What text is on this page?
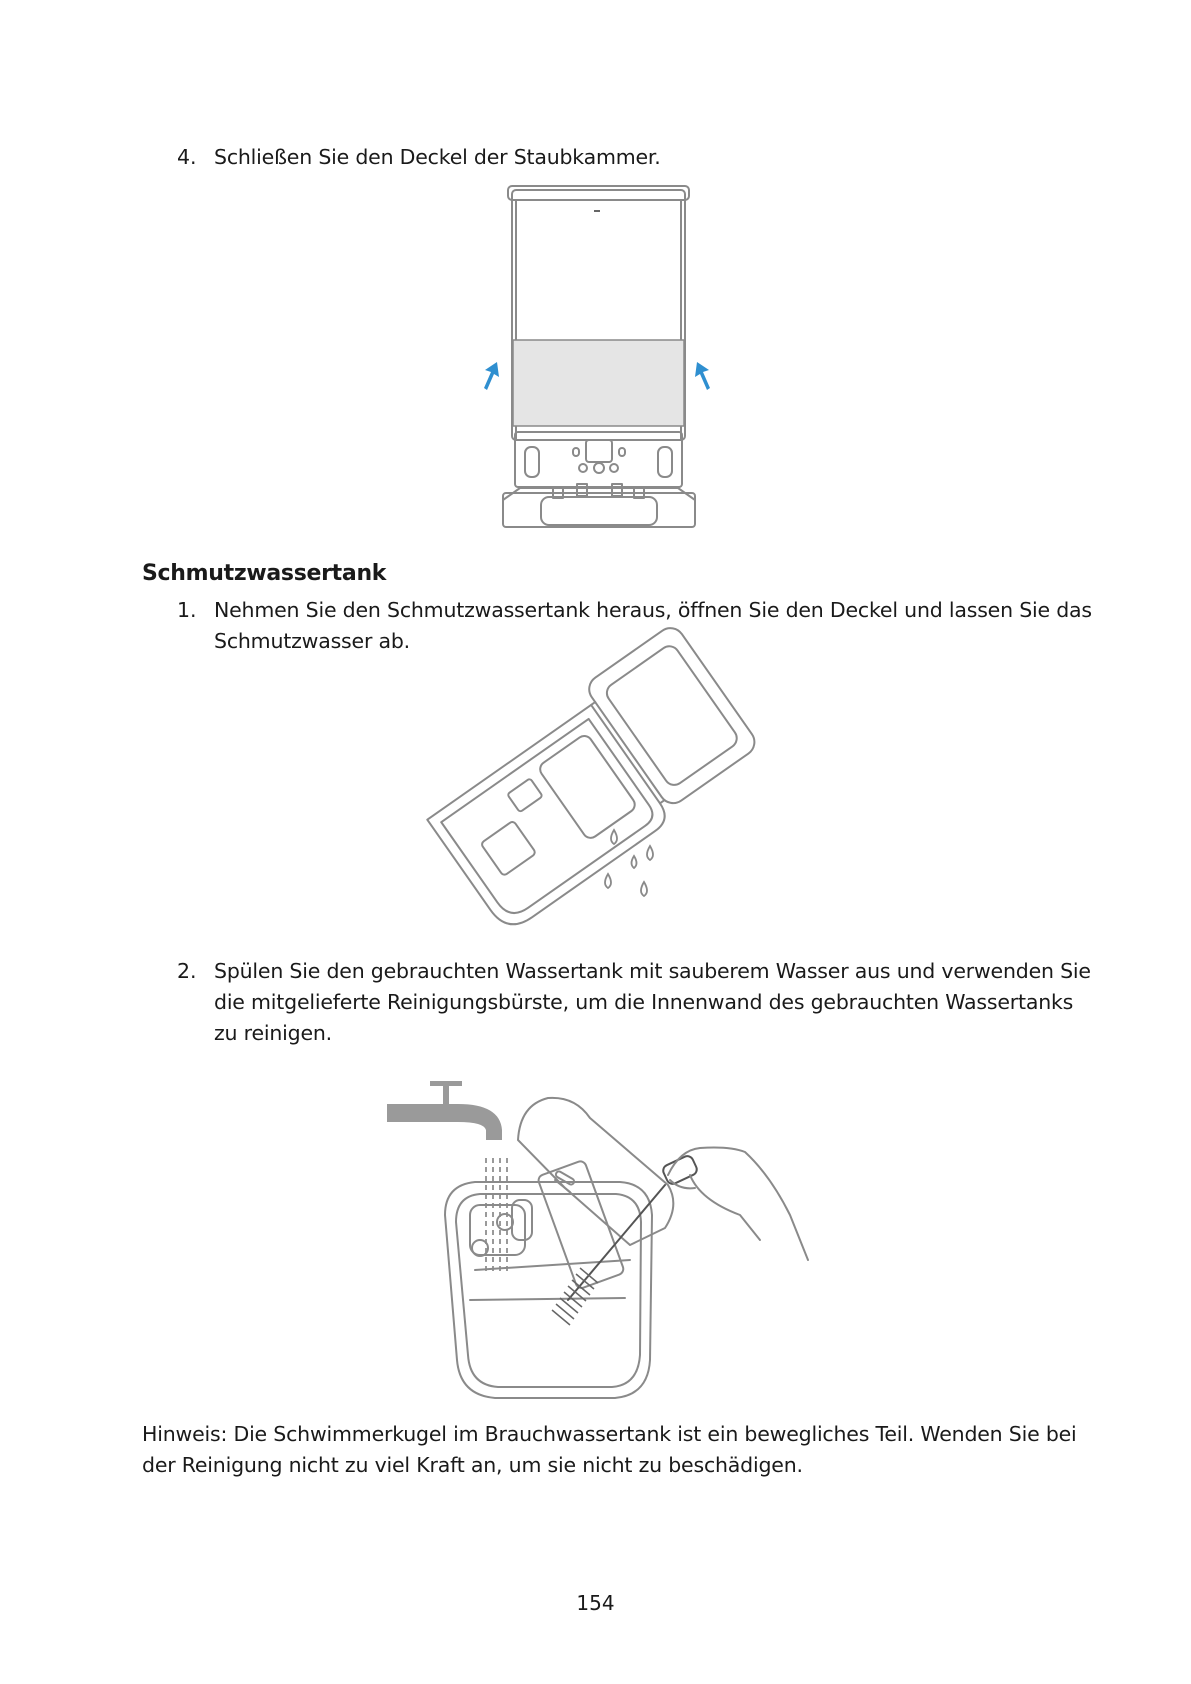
4. Schließen Sie den Deckel der Staubkammer.
Schmutzwassertank
1. Nehmen Sie den Schmutzwassertank heraus, öffnen Sie den Deckel und lassen Sie das
Schmutzwasser ab.
2. Spülen Sie den gebrauchten Wassertank mit sauberem Wasser aus und verwenden Sie
die mitgelieferte Reinigungsbürste, um die Innenwand des gebrauchten Wassertanks
zu reinigen.
Hinweis: Die Schwimmerkugel im Brauchwassertank ist ein bewegliches Teil. Wenden Sie bei
der Reinigung nicht zu viel Kraft an, um sie nicht zu beschädigen.
154
